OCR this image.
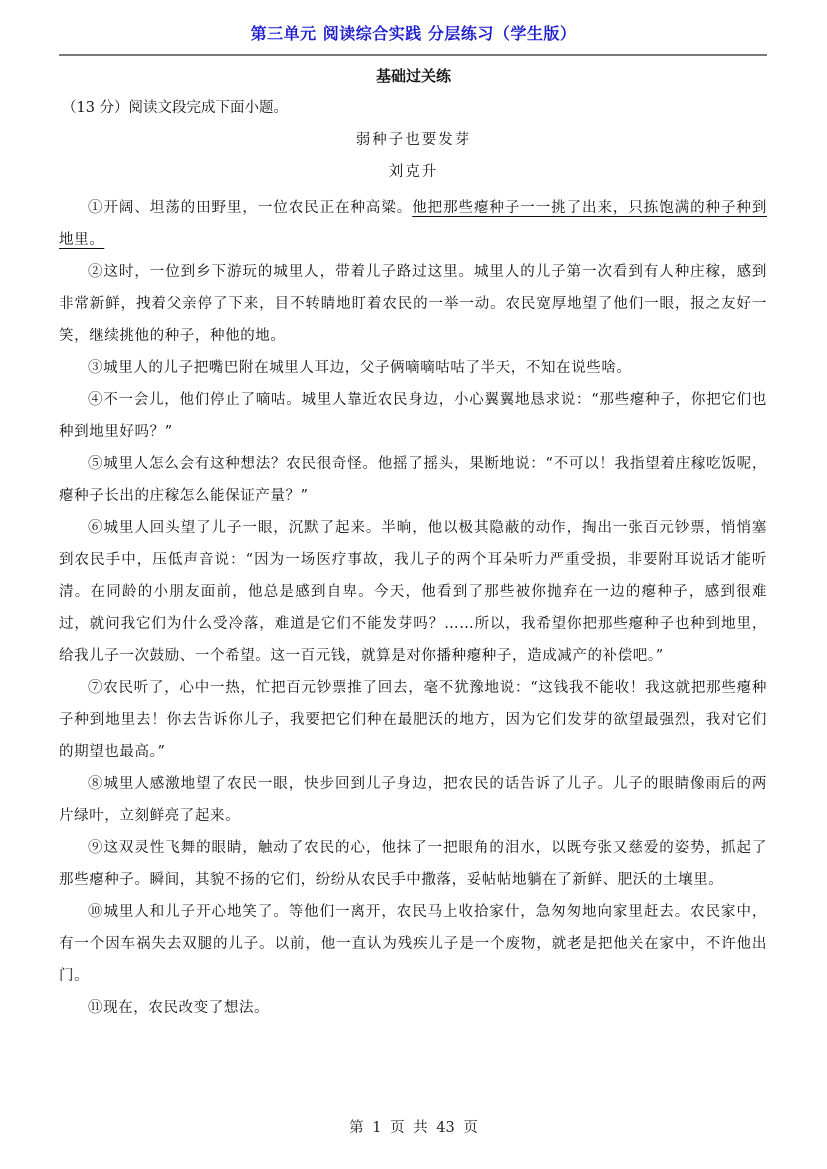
第三单元 阅读综合实践 分层练习（学生版）
基础过关练
（13 分）阅读文段完成下面小题。
弱种子也要发芽
刘克升

①开阔、坦荡的田野里，一位农民正在种高粱。他把那些瘪种子一一挑了出来，只拣饱满的种子种到地里。

②这时，一位到乡下游玩的城里人，带着儿子路过这里。城里人的儿子第一次看到有人种庄稼，感到非常新鲜，拽着父亲停了下来，目不转睛地盯着农民的一举一动。农民宽厚地望了他们一眼，报之友好一笑，继续挑他的种子，种他的地。

③城里人的儿子把嘴巴附在城里人耳边，父子俩嘀嘀咕咕了半天，不知在说些啥。

④不一会儿，他们停止了嘀咕。城里人靠近农民身边，小心翼翼地恳求说：“那些瘪种子，你把它们也种到地里好吗？”

⑤城里人怎么会有这种想法？农民很奇怪。他摇了摇头，果断地说：“不可以！我指望着庄稼吃饭呢，瘪种子长出的庄稼怎么能保证产量？”

⑥城里人回头望了儿子一眼，沉默了起来。半晌，他以极其隐蔽的动作，掏出一张百元钞票，悄悄塞到农民手中，压低声音说：“因为一场医疗事故，我儿子的两个耳朵听力严重受损，非要附耳说话才能听清。在同龄的小朋友面前，他总是感到自卑。今天，他看到了那些被你抛弃在一边的瘪种子，感到很难过，就问我它们为什么受冷落，难道是它们不能发芽吗？……所以，我希望你把那些瘪种子也种到地里，给我儿子一次鼓励、一个希望。这一百元钱，就算是对你播种瘪种子，造成减产的补偿吧。”

⑦农民听了，心中一热，忙把百元钞票推了回去，毫不犹豫地说：“这钱我不能收！我这就把那些瘪种子种到地里去！你去告诉你儿子，我要把它们种在最肥沃的地方，因为它们发芽的欲望最强烈，我对它们的期望也最高。”

⑧城里人感激地望了农民一眼，快步回到儿子身边，把农民的话告诉了儿子。儿子的眼睛像雨后的两片绿叶，立刻鲜亮了起来。

⑨这双灵性飞舞的眼睛，触动了农民的心，他抹了一把眼角的泪水，以既夸张又慈爱的姿势，抓起了那些瘪种子。瞬间，其貌不扬的它们，纷纷从农民手中撒落，妥帖帖地躺在了新鲜、肥沃的土壤里。

⑩城里人和儿子开心地笑了。等他们一离开，农民马上收拾家什，急匆匆地向家里赶去。农民家中，有一个因车祸失去双腿的儿子。以前，他一直认为残疾儿子是一个废物，就老是把他关在家中，不许他出门。

⑪现在，农民改变了想法。

第 1 页 共 43 页
